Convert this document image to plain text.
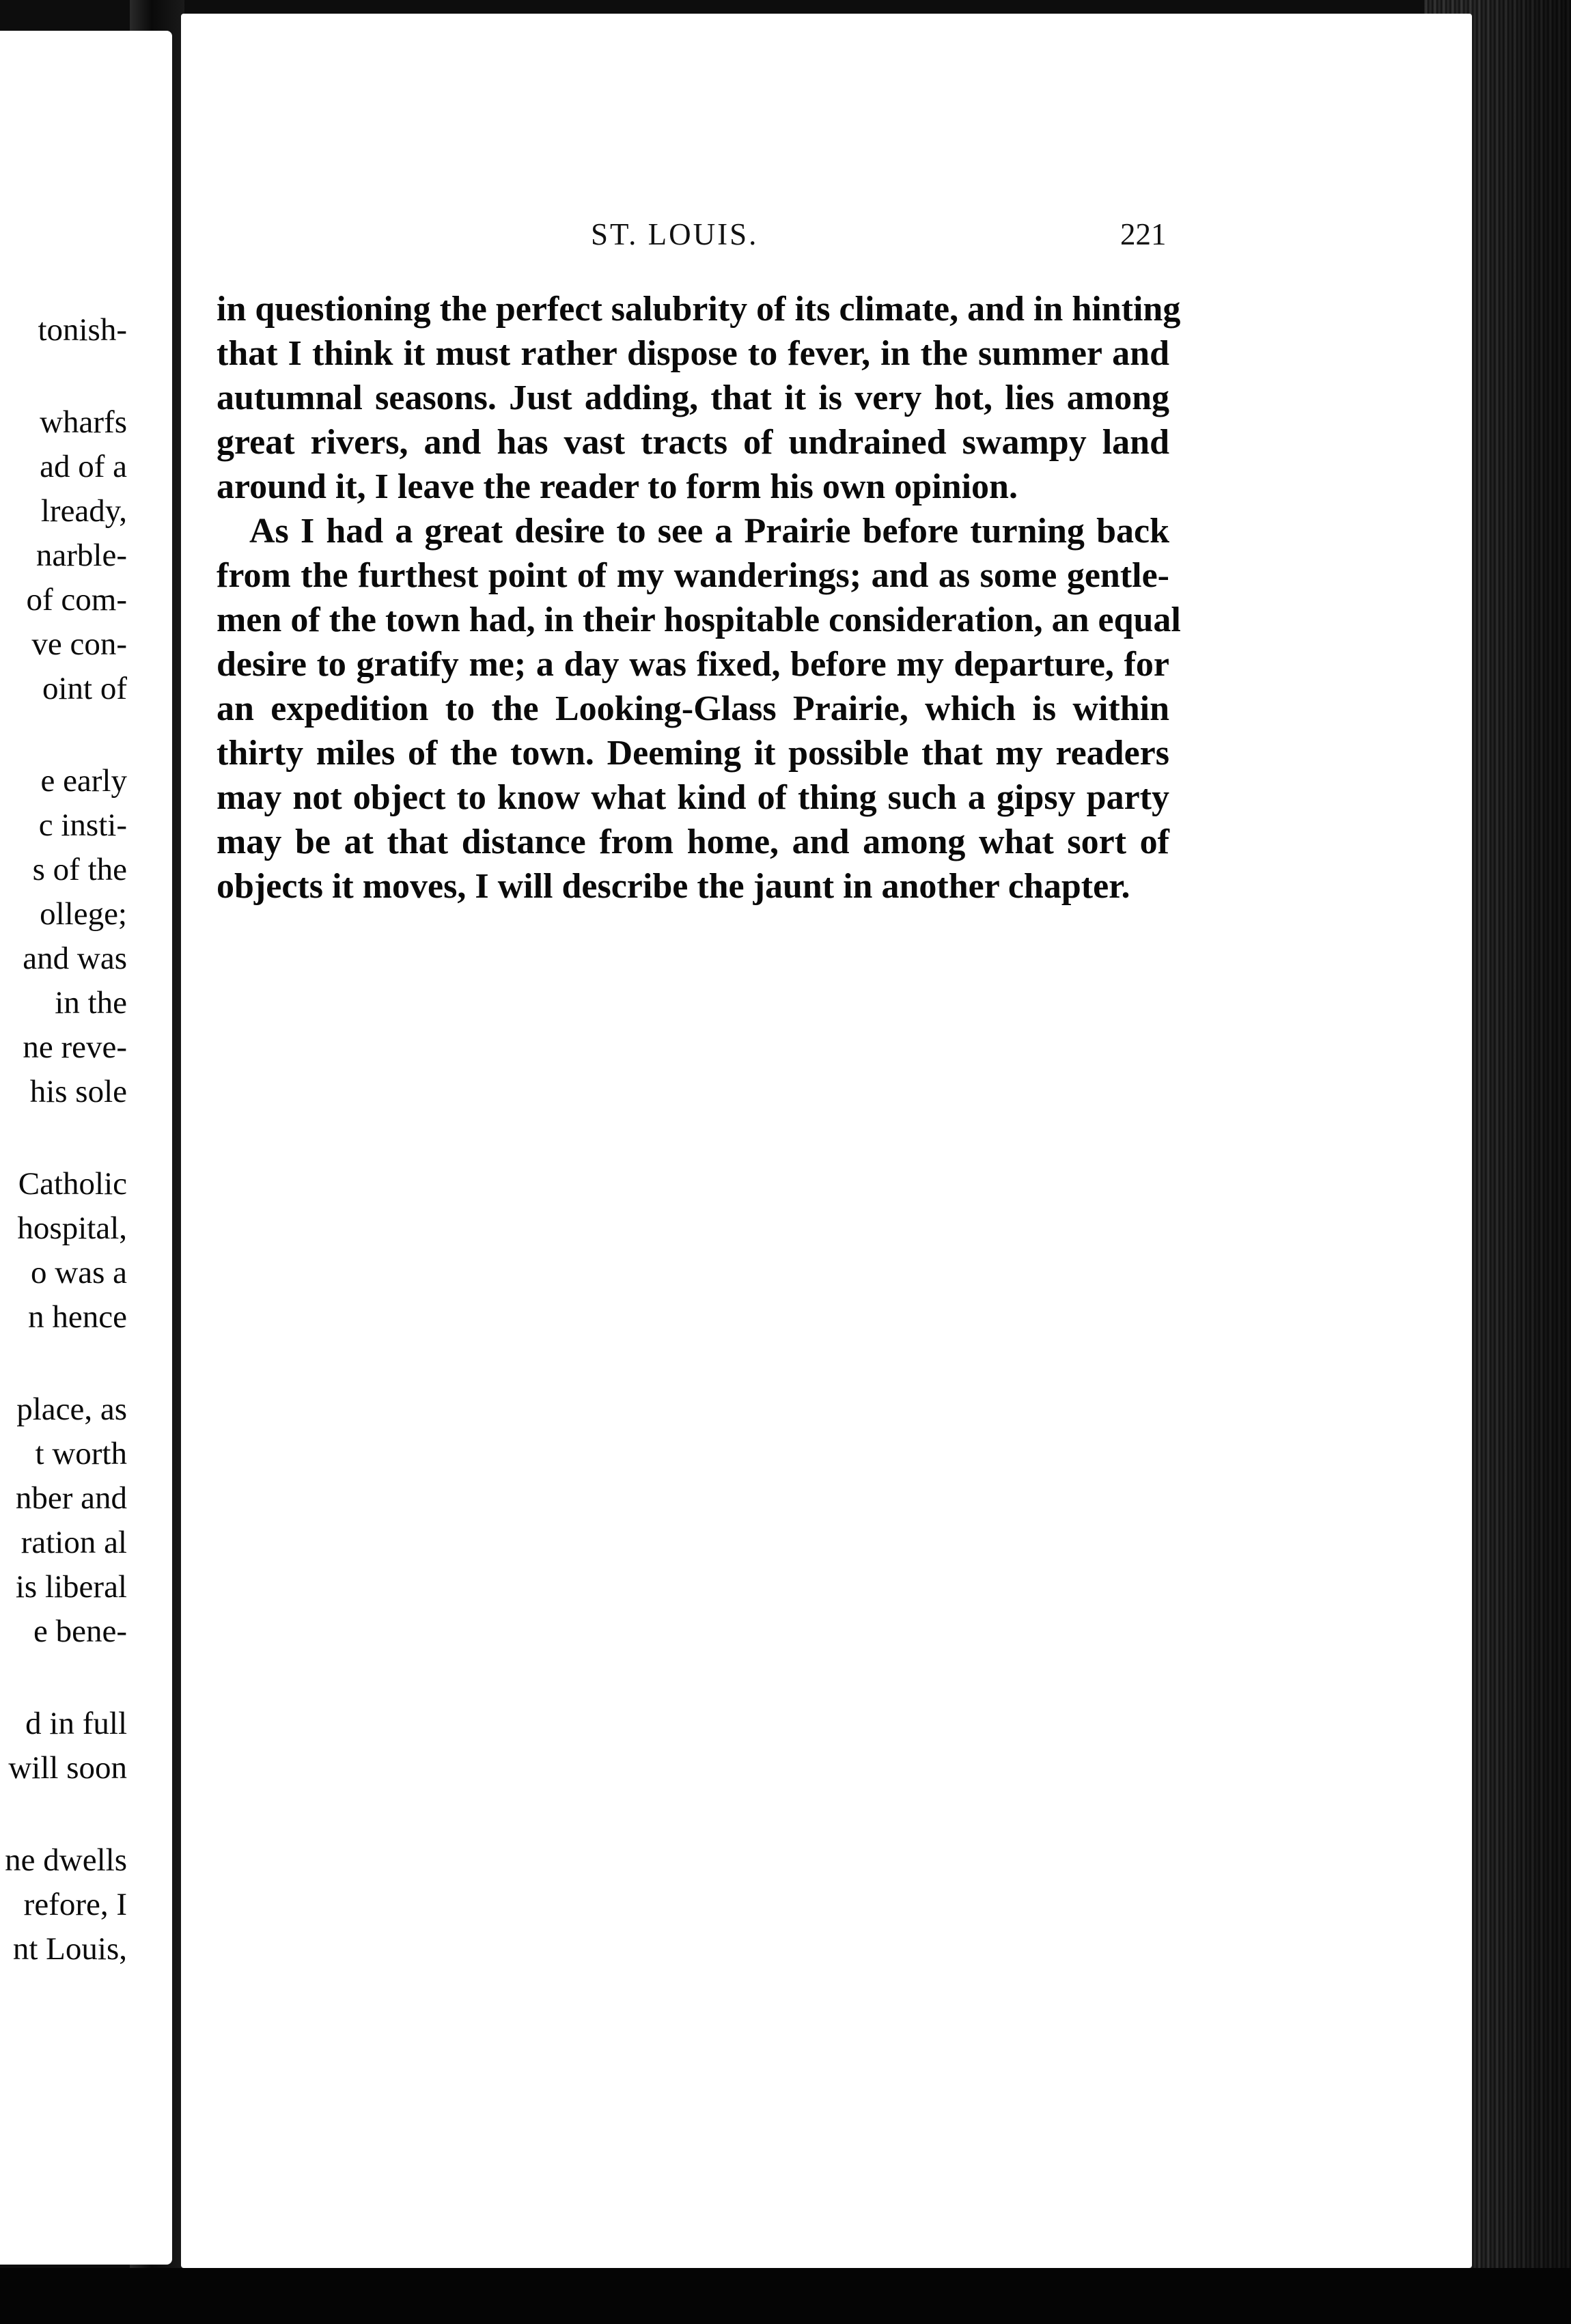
tonish-
wharfs
ad of a
lready,
narble-
of com-
ve con-
oint of
e early
c insti-
s of the
ollege;
and was
in the
ne reve-
his sole
Catholic
hospital,
o was a
n hence
place, as
t worth
nber and
ration al
is liberal
e bene-
d in full
will soon
ne dwells
refore, I
nt Louis,
ST. LOUIS.	221
in questioning the perfect salubrity of its climate, and in hinting
that I think it must rather dispose to fever, in the summer and
autumnal seasons. Just adding, that it is very hot, lies among
great rivers, and has vast tracts of undrained swampy land
around it, I leave the reader to form his own opinion.
As I had a great desire to see a Prairie before turning back
from the furthest point of my wanderings; and as some gentle-
men of the town had, in their hospitable consideration, an equal
desire to gratify me; a day was fixed, before my departure, for
an expedition to the Looking-Glass Prairie, which is within
thirty miles of the town. Deeming it possible that my readers
may not object to know what kind of thing such a gipsy party
may be at that distance from home, and among what sort of
objects it moves, I will describe the jaunt in another chapter.
